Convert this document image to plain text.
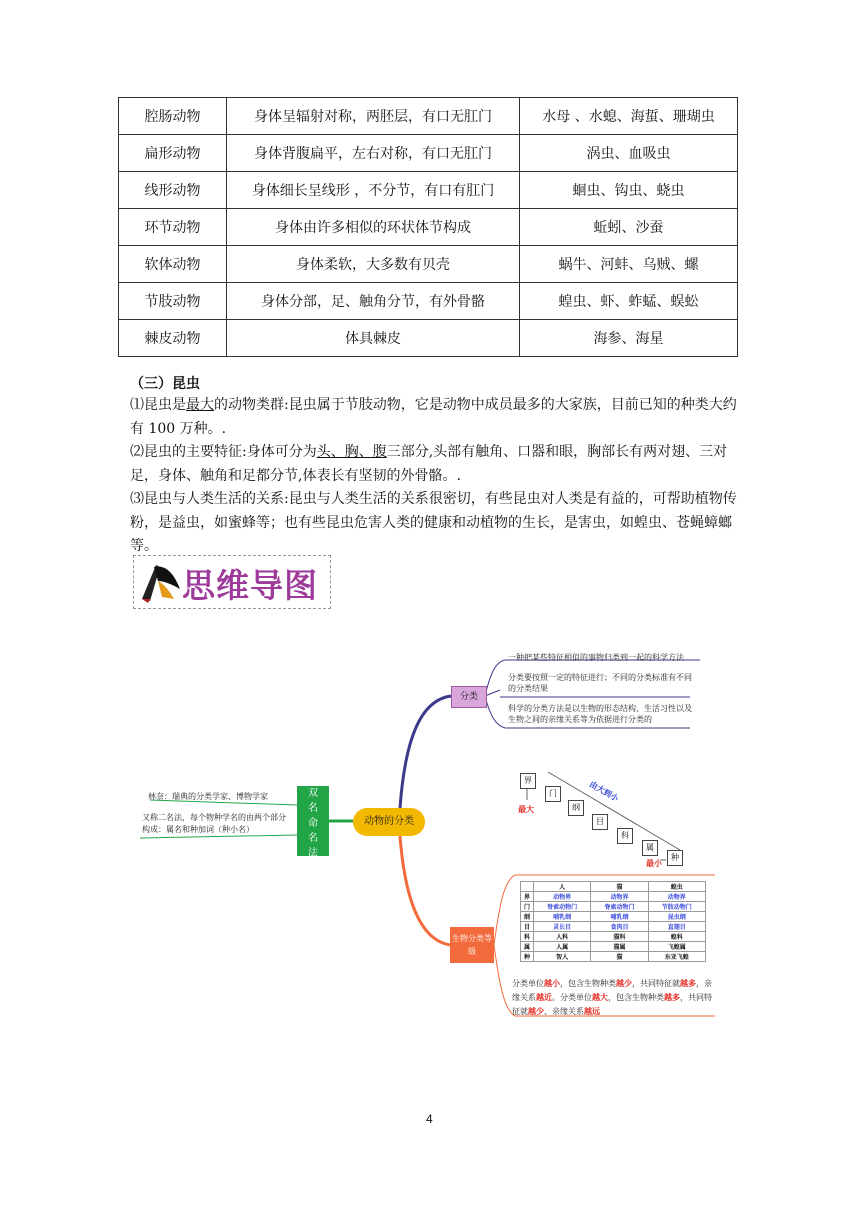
腔肠动物	身体呈辐射对称，两胚层，有口无肛门	水母 、水螅、海蜇、珊瑚虫
扁形动物	身体背腹扁平，左右对称，有口无肛门	涡虫、血吸虫
线形动物	身体细长呈线形 ，不分节，有口有肛门	蛔虫、钩虫、蛲虫
环节动物	身体由许多相似的环状体节构成	蚯蚓、沙蚕
软体动物	身体柔软，大多数有贝壳	蜗牛、河蚌、乌贼、螺
节肢动物	身体分部，足、触角分节，有外骨骼	蝗虫、虾、蚱蜢、蜈蚣
棘皮动物	体具棘皮	海参、海星
（三）昆虫
⑴昆虫是最大的动物类群:昆虫属于节肢动物，它是动物中成员最多的大家族，目前已知的种类大约有 100 万种。.
⑵昆虫的主要特征:身体可分为头、胸、腹三部分,头部有触角、口器和眼，胸部长有两对翅、三对足，身体、触角和足都分节,体表长有坚韧的外骨骼。.
⑶昆虫与人类生活的关系:昆虫与人类生活的关系很密切，有些昆虫对人类是有益的，可帮助植物传粉，是益虫，如蜜蜂等；也有些昆虫危害人类的健康和动植物的生长，是害虫，如蝗虫、苍蝇蟑螂等。
思维导图
动物的分类
分类
一种把某些特征相似的事物归类到一起的科学方法
分类要按照一定的特征进行；不同的分类标准有不同的分类结果
科学的分类方法是以生物的形态结构、生活习性以及生物之间的亲缘关系等为依据进行分类的
双
名
命
名
法
林奈：瑞典的分类学家、博物学家
又称二名法，每个物种学名的由两个部分构成：属名和种加词（种小名）
界
门
纲
目
科
属
种
最大
最小
由大到小
生物分类等级
	人	猫	蝗虫
界	动物界	动物界	动物界
门	脊索动物门	脊索动物门	节肢动物门
纲	哺乳纲	哺乳纲	昆虫纲
目	灵长目	食肉目	直翅目
科	人科	猫科	蝗科
属	人属	猫属	飞蝗属
种	智人	猫	东亚飞蝗
分类单位越小，包含生物种类越少，共同特征就越多，亲缘关系越近。分类单位越大，包含生物种类越多，共同特征就越少、亲缘关系越远
4
